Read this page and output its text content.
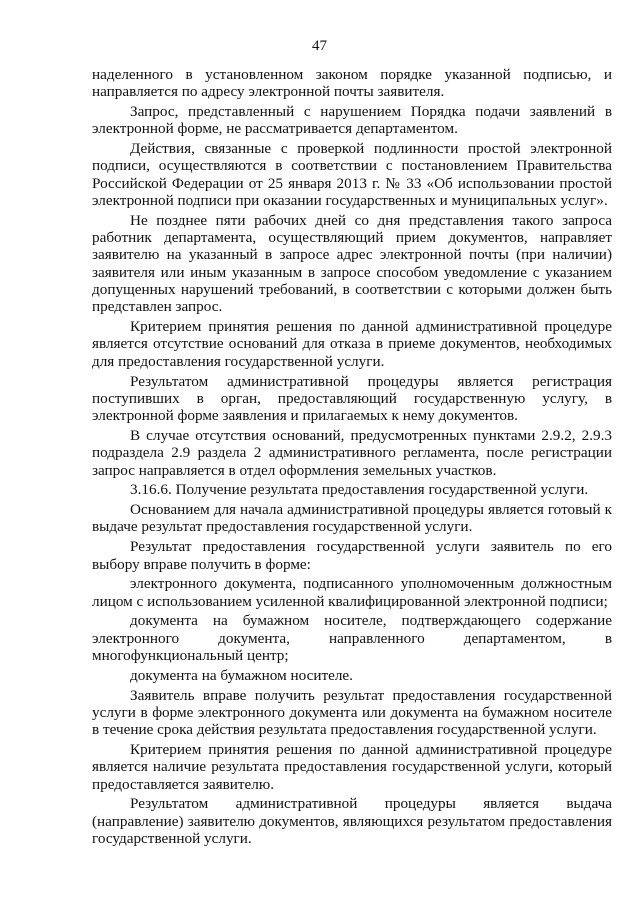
47

наделенного в установленном законом порядке указанной подписью, и направляется по адресу электронной почты заявителя.

Запрос, представленный с нарушением Порядка подачи заявлений в электронной форме, не рассматривается департаментом.

Действия, связанные с проверкой подлинности простой электронной подписи, осуществляются в соответствии с постановлением Правительства Российской Федерации от 25 января 2013 г. № 33 «Об использовании простой электронной подписи при оказании государственных и муниципальных услуг».

Не позднее пяти рабочих дней со дня представления такого запроса работник департамента, осуществляющий прием документов, направляет заявителю на указанный в запросе адрес электронной почты (при наличии) заявителя или иным указанным в запросе способом уведомление с указанием допущенных нарушений требований, в соответствии с которыми должен быть представлен запрос.

Критерием принятия решения по данной административной процедуре является отсутствие оснований для отказа в приеме документов, необходимых для предоставления государственной услуги.

Результатом административной процедуры является регистрация поступивших в орган, предоставляющий государственную услугу, в электронной форме заявления и прилагаемых к нему документов.

В случае отсутствия оснований, предусмотренных пунктами 2.9.2, 2.9.3 подраздела 2.9 раздела 2 административного регламента, после регистрации запрос направляется в отдел оформления земельных участков.

3.16.6. Получение результата предоставления государственной услуги.

Основанием для начала административной процедуры является готовый к выдаче результат предоставления государственной услуги.

Результат предоставления государственной услуги заявитель по его выбору вправе получить в форме:

электронного документа, подписанного уполномоченным должностным лицом с использованием усиленной квалифицированной электронной подписи;

документа на бумажном носителе, подтверждающего содержание электронного документа, направленного департаментом, в многофункциональный центр;

документа на бумажном носителе.

Заявитель вправе получить результат предоставления государственной услуги в форме электронного документа или документа на бумажном носителе в течение срока действия результата предоставления государственной услуги.

Критерием принятия решения по данной административной процедуре является наличие результата предоставления государственной услуги, который предоставляется заявителю.

Результатом административной процедуры является выдача (направление) заявителю документов, являющихся результатом предоставления государственной услуги.
